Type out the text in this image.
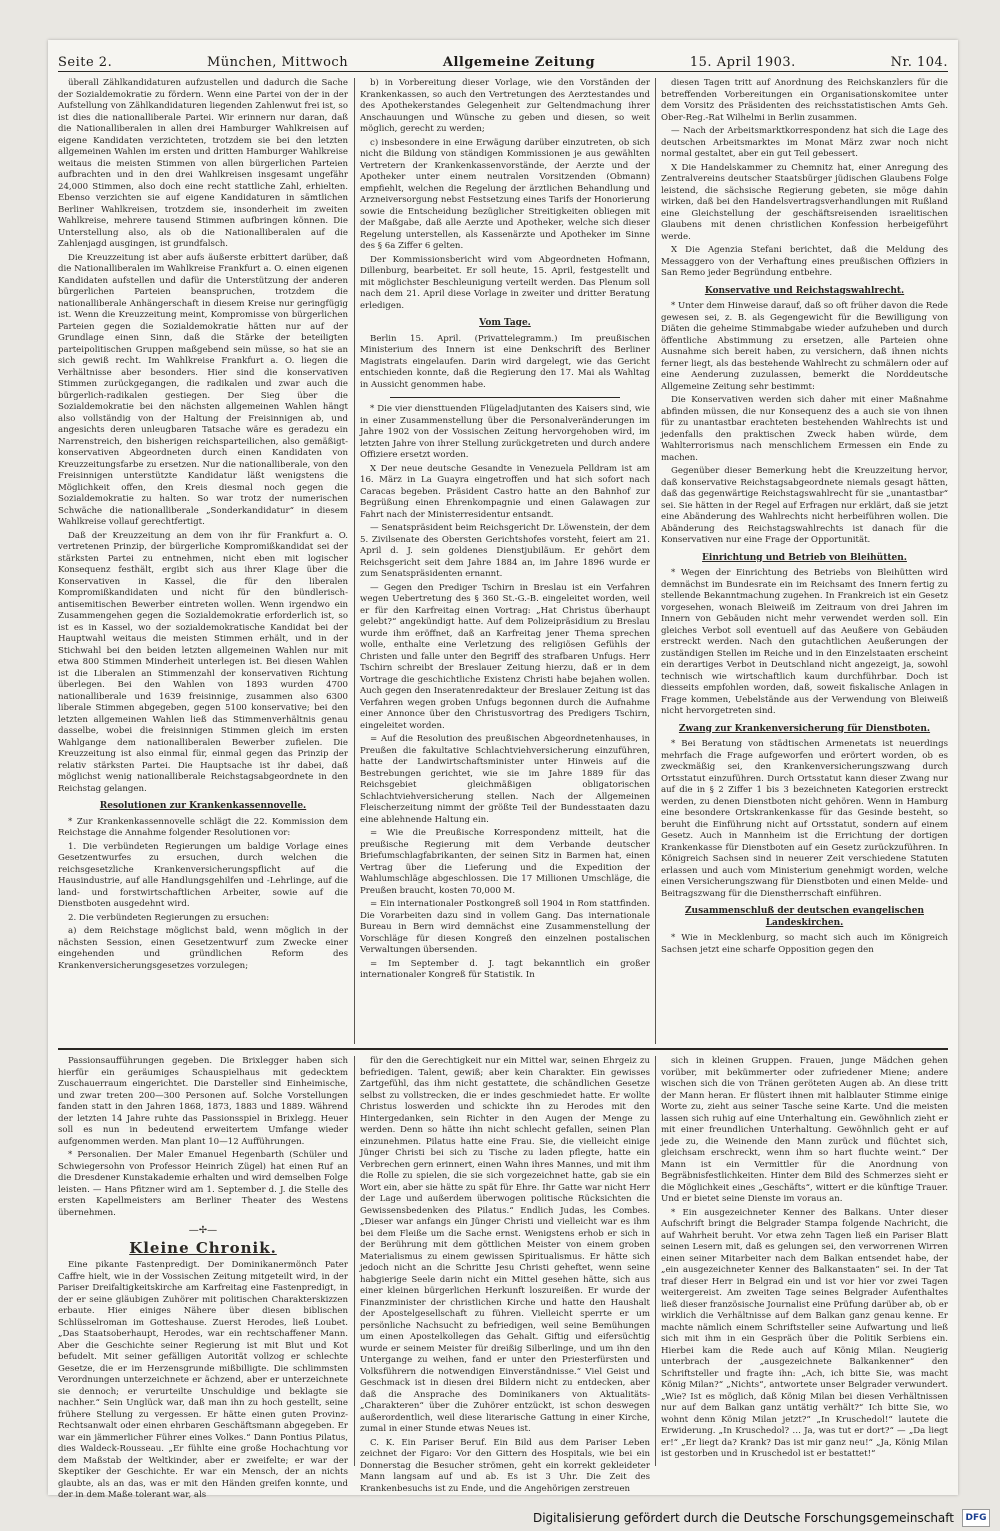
Seite 2.	München, Mittwoch	Allgemeine Zeitung	15. April 1903.	Nr. 104.

überall Zählkandidaturen aufzustellen und dadurch die Sache der Sozialdemokratie zu fördern. Wenn eine Partei von der in der Aufstellung von Zählkandidaturen liegenden Zahlenwut frei ist, so ist dies die nationalliberale Partei. Wir erinnern nur daran, daß die Nationalliberalen in allen drei Hamburger Wahlkreisen auf eigene Kandidaten verzichteten, trotzdem sie bei den letzten allgemeinen Wahlen im ersten und dritten Hamburger Wahlkreise weitaus die meisten Stimmen von allen bürgerlichen Parteien aufbrachten und in den drei Wahlkreisen insgesamt ungefähr 24,000 Stimmen, also doch eine recht stattliche Zahl, erhielten. Ebenso verzichten sie auf eigene Kandidaturen in sämtlichen Berliner Wahlkreisen, trotzdem sie, insonderheit im zweiten Wahlkreise, mehrere tausend Stimmen aufbringen können. Die Unterstellung also, als ob die Nationalliberalen auf die Zahlenjagd ausgingen, ist grundfalsch.

Die Kreuzzeitung ist aber aufs äußerste erbittert darüber, daß die Nationalliberalen im Wahlkreise Frankfurt a. O. einen eigenen Kandidaten aufstellen und dafür die Unterstützung der anderen bürgerlichen Parteien beanspruchen, trotzdem die nationalliberale Anhängerschaft in diesem Kreise nur geringfügig ist. Wenn die Kreuzzeitung meint, Kompromisse von bürgerlichen Parteien gegen die Sozialdemokratie hätten nur auf der Grundlage einen Sinn, daß die Stärke der beteiligten parteipolitischen Gruppen maßgebend sein müsse, so hat sie an sich gewiß recht. Im Wahlkreise Frankfurt a. O. liegen die Verhältnisse aber besonders. Hier sind die konservativen Stimmen zurückgegangen, die radikalen und zwar auch die bürgerlich-radikalen gestiegen. Der Sieg über die Sozialdemokratie bei den nächsten allgemeinen Wahlen hängt also vollständig von der Haltung der Freisinnigen ab, und angesichts deren unleugbaren Tatsache wäre es geradezu ein Narrenstreich, den bisherigen reichsparteilichen, also gemäßigt-konservativen Abgeordneten durch einen Kandidaten von Kreuzzeitungsfarbe zu ersetzen. Nur die nationalliberale, von den Freisinnigen unterstützte Kandidatur läßt wenigstens die Möglichkeit offen, den Kreis diesmal noch gegen die Sozialdemokratie zu halten. So war trotz der numerischen Schwäche die nationalliberale „Sonderkandidatur“ in diesem Wahlkreise vollauf gerechtfertigt.

Daß der Kreuzzeitung an dem von ihr für Frankfurt a. O. vertretenen Prinzip, der bürgerliche Kompromißkandidat sei der stärksten Partei zu entnehmen, nicht eben mit logischer Konsequenz festhält, ergibt sich aus ihrer Klage über die Konservativen in Kassel, die für den liberalen Kompromißkandidaten und nicht für den bündlerisch-antisemitischen Bewerber eintreten wollen. Wenn irgendwo ein Zusammengehen gegen die Sozialdemokratie erforderlich ist, so ist es in Kassel, wo der sozialdemokratische Kandidat bei der Hauptwahl weitaus die meisten Stimmen erhält, und in der Stichwahl bei den beiden letzten allgemeinen Wahlen nur mit etwa 800 Stimmen Minderheit unterlegen ist. Bei diesen Wahlen ist die Liberalen an Stimmenzahl der konservativen Richtung überlegen. Bei den Wahlen von 1893 wurden 4700 nationalliberale und 1639 freisinnige, zusammen also 6300 liberale Stimmen abgegeben, gegen 5100 konservative; bei den letzten allgemeinen Wahlen ließ das Stimmenverhältnis genau dasselbe, wobei die freisinnigen Stimmen gleich im ersten Wahlgange dem nationalliberalen Bewerber zufielen. Die Kreuzzeitung ist also einmal für, einmal gegen das Prinzip der relativ stärksten Partei. Die Hauptsache ist ihr dabei, daß möglichst wenig nationalliberale Reichstagsabgeordnete in den Reichstag gelangen.

Resolutionen zur Krankenkassennovelle.

* Zur Krankenkassennovelle schlägt die 22. Kommission dem Reichstage die Annahme folgender Resolutionen vor:

1. Die verbündeten Regierungen um baldige Vorlage eines Gesetzentwurfes zu ersuchen, durch welchen die reichsgesetzliche Krankenversicherungspflicht auf die Hausindustrie, auf alle Handlungsgehilfen und -Lehrlinge, auf die land- und forstwirtschaftlichen Arbeiter, sowie auf die Dienstboten ausgedehnt wird.

2. Die verbündeten Regierungen zu ersuchen:

a) dem Reichstage möglichst bald, wenn möglich in der nächsten Session, einen Gesetzentwurf zum Zwecke einer eingehenden und gründlichen Reform des Krankenversicherungsgesetzes vorzulegen;

b) in Vorbereitung dieser Vorlage, wie den Vorständen der Krankenkassen, so auch den Vertretungen des Aerztestandes und des Apothekerstandes Gelegenheit zur Geltendmachung ihrer Anschauungen und Wünsche zu geben und diesen, so weit möglich, gerecht zu werden;

c) insbesondere in eine Erwägung darüber einzutreten, ob sich nicht die Bildung von ständigen Kommissionen je aus gewählten Vertretern der Krankenkassenvorstände, der Aerzte und der Apotheker unter einem neutralen Vorsitzenden (Obmann) empfiehlt, welchen die Regelung der ärztlichen Behandlung und Arzneiversorgung nebst Festsetzung eines Tarifs der Honorierung sowie die Entscheidung bezüglicher Streitigkeiten obliegen mit der Maßgabe, daß alle Aerzte und Apotheker, welche sich dieser Regelung unterstellen, als Kassenärzte und Apotheker im Sinne des § 6a Ziffer 6 gelten.

Der Kommissionsbericht wird vom Abgeordneten Hofmann, Dillenburg, bearbeitet. Er soll heute, 15. April, festgestellt und mit möglichster Beschleunigung verteilt werden. Das Plenum soll nach dem 21. April diese Vorlage in zweiter und dritter Beratung erledigen.

Vom Tage.

Berlin 15. April. (Privattelegramm.) Im preußischen Ministerium des Innern ist eine Denkschrift des Berliner Magistrats eingelaufen. Darin wird dargelegt, wie das Gericht entschieden konnte, daß die Regierung den 17. Mai als Wahltag in Aussicht genommen habe.

* Die vier diensttuenden Flügeladjutanten des Kaisers sind, wie in einer Zusammenstellung über die Personalveränderungen im Jahre 1902 von der Vossischen Zeitung hervorgehoben wird, im letzten Jahre von ihrer Stellung zurückgetreten und durch andere Offiziere ersetzt worden.

X Der neue deutsche Gesandte in Venezuela Pelldram ist am 16. März in La Guayra eingetroffen und hat sich sofort nach Caracas begeben. Präsident Castro hatte an den Bahnhof zur Begrüßung einen Ehrenkompagnie und einen Galawagen zur Fahrt nach der Ministerresidentur entsandt.

— Senatspräsident beim Reichsgericht Dr. Löwenstein, der dem 5. Zivilsenate des Obersten Gerichtshofes vorsteht, feiert am 21. April d. J. sein goldenes Dienstjubiläum. Er gehört dem Reichsgericht seit dem Jahre 1884 an, im Jahre 1896 wurde er zum Senatspräsidenten ernannt.

— Gegen den Prediger Tschirn in Breslau ist ein Verfahren wegen Uebertretung des § 360 St.-G.-B. eingeleitet worden, weil er für den Karfreitag einen Vortrag: „Hat Christus überhaupt gelebt?“ angekündigt hatte. Auf dem Polizeipräsidium zu Breslau wurde ihm eröffnet, daß an Karfreitag jener Thema sprechen wolle, enthalte eine Verletzung des religiösen Gefühls der Christen und falle unter den Begriff des strafbaren Unfugs. Herr Tschirn schreibt der Breslauer Zeitung hierzu, daß er in dem Vortrage die geschichtliche Existenz Christi habe bejahen wollen. Auch gegen den Inseratenredakteur der Breslauer Zeitung ist das Verfahren wegen groben Unfugs begonnen durch die Aufnahme einer Annonce über den Christusvortrag des Predigers Tschirn, eingeleitet worden.

= Auf die Resolution des preußischen Abgeordnetenhauses, in Preußen die fakultative Schlachtviehversicherung einzuführen, hatte der Landwirtschaftsminister unter Hinweis auf die Bestrebungen gerichtet, wie sie im Jahre 1889 für das Reichsgebiet gleichmäßigen obligatorischen Schlachtviehversicherung stellen. Nach der Allgemeinen Fleischerzeitung nimmt der größte Teil der Bundesstaaten dazu eine ablehnende Haltung ein.

= Wie die Preußische Korrespondenz mitteilt, hat die preußische Regierung mit dem Verbande deutscher Briefumschlagfabrikanten, der seinen Sitz in Barmen hat, einen Vertrag über die Lieferung und die Expedition der Wahlumschläge abgeschlossen. Die 17 Millionen Umschläge, die Preußen braucht, kosten 70,000 M.

= Ein internationaler Postkongreß soll 1904 in Rom stattfinden. Die Vorarbeiten dazu sind in vollem Gang. Das internationale Bureau in Bern wird demnächst eine Zusammenstellung der Vorschläge für diesen Kongreß den einzelnen postalischen Verwaltungen übersenden.

= Im September d. J. tagt bekanntlich ein großer internationaler Kongreß für Statistik. In

diesen Tagen tritt auf Anordnung des Reichskanzlers für die betreffenden Vorbereitungen ein Organisationskomitee unter dem Vorsitz des Präsidenten des reichsstatistischen Amts Geh. Ober-Reg.-Rat Wilhelmi in Berlin zusammen.

— Nach der Arbeitsmarktkorrespondenz hat sich die Lage des deutschen Arbeitsmarktes im Monat März zwar noch nicht normal gestaltet, aber ein gut Teil gebessert.

X Die Handelskammer zu Chemnitz hat, einer Anregung des Zentralvereins deutscher Staatsbürger jüdischen Glaubens Folge leistend, die sächsische Regierung gebeten, sie möge dahin wirken, daß bei den Handelsvertragsverhandlungen mit Rußland eine Gleichstellung der geschäftsreisenden israelitischen Glaubens mit denen christlichen Konfession herbeigeführt werde.

X Die Agenzia Stefani berichtet, daß die Meldung des Messaggero von der Verhaftung eines preußischen Offiziers in San Remo jeder Begründung entbehre.

Konservative und Reichstagswahlrecht.

* Unter dem Hinweise darauf, daß so oft früher davon die Rede gewesen sei, z. B. als Gegengewicht für die Bewilligung von Diäten die geheime Stimmabgabe wieder aufzuheben und durch öffentliche Abstimmung zu ersetzen, alle Parteien ohne Ausnahme sich bereit haben, zu versichern, daß ihnen nichts ferner liegt, als das bestehende Wahlrecht zu schmälern oder auf eine Aenderung zuzulassen, bemerkt die Norddeutsche Allgemeine Zeitung sehr bestimmt:

Die Konservativen werden sich daher mit einer Maßnahme abfinden müssen, die nur Konsequenz des a auch sie von ihnen für zu unantastbar erachteten bestehenden Wahlrechts ist und jedenfalls den praktischen Zweck haben würde, dem Wahlterrorismus nach menschlichem Ermessen ein Ende zu machen.

Gegenüber dieser Bemerkung hebt die Kreuzzeitung hervor, daß konservative Reichstagsabgeordnete niemals gesagt hätten, daß das gegenwärtige Reichstagswahlrecht für sie „unantastbar“ sei. Sie hätten in der Regel auf Erfragen nur erklärt, daß sie jetzt eine Abänderung des Wahlrechts nicht herbeiführen wollen. Die Abänderung des Reichstagswahlrechts ist danach für die Konservativen nur eine Frage der Opportunität.

Einrichtung und Betrieb von Bleihütten.

* Wegen der Einrichtung des Betriebs von Bleihütten wird demnächst im Bundesrate ein im Reichsamt des Innern fertig zu stellende Bekanntmachung zugehen. In Frankreich ist ein Gesetz vorgesehen, wonach Bleiweiß im Zeitraum von drei Jahren im Innern von Gebäuden nicht mehr verwendet werden soll. Ein gleiches Verbot soll eventuell auf das Aeußere von Gebäuden erstreckt werden. Nach den gutachtlichen Aeußerungen der zuständigen Stellen im Reiche und in den Einzelstaaten erscheint ein derartiges Verbot in Deutschland nicht angezeigt, ja, sowohl technisch wie wirtschaftlich kaum durchführbar. Doch ist diesseits empfohlen worden, daß, soweit fiskalische Anlagen in Frage kommen, Uebelstände aus der Verwendung von Bleiweiß nicht hervorgetreten sind.

Zwang zur Krankenversicherung für Dienstboten.

* Bei Beratung von städtischen Armenetats ist neuerdings mehrfach die Frage aufgeworfen und erörtert worden, ob es zweckmäßig sei, den Krankenversicherungszwang durch Ortsstatut einzuführen. Durch Ortsstatut kann dieser Zwang nur auf die in § 2 Ziffer 1 bis 3 bezeichneten Kategorien erstreckt werden, zu denen Dienstboten nicht gehören. Wenn in Hamburg eine besondere Ortskrankenkasse für das Gesinde besteht, so beruht die Einführung nicht auf Ortsstatut, sondern auf einem Gesetz. Auch in Mannheim ist die Errichtung der dortigen Krankenkasse für Dienstboten auf ein Gesetz zurückzuführen. In Königreich Sachsen sind in neuerer Zeit verschiedene Statuten erlassen und auch vom Ministerium genehmigt worden, welche einen Versicherungszwang für Dienstboten und einen Melde- und Beitragszwang für die Dienstherrschaft einführen.

Zusammenschluß der deutschen evangelischen Landeskirchen.

* Wie in Mecklenburg, so macht sich auch im Königreich Sachsen jetzt eine scharfe Opposition gegen den

Passionsaufführungen gegeben. Die Brixlegger haben sich hierfür ein geräumiges Schauspielhaus mit gedecktem Zuschauerraum eingerichtet. Die Darsteller sind Einheimische, und zwar treten 200—300 Personen auf. Solche Vorstellungen fanden statt in den Jahren 1868, 1873, 1883 und 1889. Während der letzten 14 Jahre ruhte das Passionsspiel in Brixlegg. Heuer soll es nun in bedeutend erweitertem Umfange wieder aufgenommen werden. Man plant 10—12 Aufführungen.

* Personalien. Der Maler Emanuel Hegenbarth (Schüler und Schwiegersohn von Professor Heinrich Zügel) hat einen Ruf an die Dresdener Kunstakademie erhalten und wird demselben Folge leisten. — Hans Pfitzner wird am 1. September d. J. die Stelle des ersten Kapellmeisters am Berliner Theater des Westens übernehmen.

—✢—
Kleine Chronik.

Eine pikante Fastenpredigt. Der Dominikanermönch Pater Caffre hielt, wie in der Vossischen Zeitung mitgeteilt wird, in der Pariser Dreifaltigkeitskirche am Karfreitag eine Fastenpredigt, in der er seine gläubigen Zuhörer mit politischen Charakterskizzen erbaute. Hier einiges Nähere über diesen biblischen Schlüsselroman im Gotteshause. Zuerst Herodes, ließ Loubet. „Das Staatsoberhaupt, Herodes, war ein rechtschaffener Mann. Aber die Geschichte seiner Regierung ist mit Blut und Kot befudelt. Mit seiner gefälligen Autorität vollzog er schlechte Gesetze, die er im Herzensgrunde mißbilligte. Die schlimmsten Verordnungen unterzeichnete er ächzend, aber er unterzeichnete sie dennoch; er verurteilte Unschuldige und beklagte sie nachher.“ Sein Unglück war, daß man ihn zu hoch gestellt, seine frühere Stellung zu vergessen. Er hätte einen guten Provinz-Rechtsanwalt oder einen ehrbaren Geschäftsmann abgegeben. Er war ein jämmerlicher Führer eines Volkes.“ Dann Pontius Pilatus, dies Waldeck-Rousseau. „Er fühlte eine große Hochachtung vor dem Maßstab der Weltkinder, aber er zweifelte; er war der Skeptiker der Geschichte. Er war ein Mensch, der an nichts glaubte, als an das, was er mit den Händen greifen konnte, und der in dem Maße tolerant war, als

für den die Gerechtigkeit nur ein Mittel war, seinen Ehrgeiz zu befriedigen. Talent, gewiß; aber kein Charakter. Ein gewisses Zartgefühl, das ihm nicht gestattete, die schändlichen Gesetze selbst zu vollstrecken, die er indes geschmiedet hatte. Er wollte Christus loswerden und schickte ihn zu Herodes mit den Hintergedanken, sein Richter in den Augen der Menge zu werden. Denn so hätte ihn nicht schlecht gefallen, seinen Plan einzunehmen. Pilatus hatte eine Frau. Sie, die vielleicht einige Jünger Christi bei sich zu Tische zu laden pflegte, hatte ein Verbrechen gern erinnert, einen Wahn ihres Mannes, und mit ihm die Rolle zu spielen, die sie sich vorgezeichnet hatte, gab sie ein Wort ein, aber sie hätte zu spät für Ehre. Ihr Gatte war nicht Herr der Lage und außerdem überwogen politische Rücksichten die Gewissensbedenken des Pilatus.“ Endlich Judas, les Combes. „Dieser war anfangs ein Jünger Christi und vielleicht war es ihm bei dem Fleiße um die Sache ernst. Wenigstens erhob er sich in der Berührung mit dem göttlichen Meister von einem groben Materialismus zu einem gewissen Spiritualismus. Er hätte sich jedoch nicht an die Schritte Jesu Christi geheftet, wenn seine habgierige Seele darin nicht ein Mittel gesehen hätte, sich aus einer kleinen bürgerlichen Herkunft loszureißen. Er wurde der Finanzminister der christlichen Kirche und hatte den Haushalt der Apostelgesellschaft zu führen. Vielleicht sperrte er um persönliche Nachsucht zu befriedigen, weil seine Bemühungen um einen Apostelkollegen das Gehalt. Giftig und eifersüchtig wurde er seinem Meister für dreißig Silberlinge, und um ihn den Untergange zu weihen, fand er unter den Priesterfürsten und Volksführern die notwendigen Einverständnisse.“ Viel Geist und Geschmack ist in diesen drei Bildern nicht zu entdecken, aber daß die Ansprache des Dominikaners von Aktualitäts-„Charakteren“ über die Zuhörer entzückt, ist schon deswegen außerordentlich, weil diese literarische Gattung in einer Kirche, zumal in einer Stunde etwas Neues ist.

C. K. Ein Pariser Beruf. Ein Bild aus dem Pariser Leben zeichnet der Figaro: Vor den Gittern des Hospitals, wie bei ein Donnerstag die Besucher strömen, geht ein korrekt gekleideter Mann langsam auf und ab. Es ist 3 Uhr. Die Zeit des Krankenbesuchs ist zu Ende, und die Angehörigen zerstreuen

sich in kleinen Gruppen. Frauen, junge Mädchen gehen vorüber, mit bekümmerter oder zufriedener Miene; andere wischen sich die von Tränen geröteten Augen ab. An diese tritt der Mann heran. Er flüstert ihnen mit halblauter Stimme einige Worte zu, zieht aus seiner Tasche seine Karte. Und die meisten lassen sich ruhig auf eine Unterhaltung ein. Gewöhnlich zieht er mit einer freundlichen Unterhaltung. Gewöhnlich geht er auf jede zu, die Weinende den Mann zurück und flüchtet sich, gleichsam erschreckt, wenn ihm so hart fluchte weint.“ Der Mann ist ein Vermittler für die Anordnung von Begräbnisfestlichkeiten. Hinter dem Bild des Schmerzes sieht er die Möglichkeit eines „Geschäfts“, wittert er die künftige Trauer. Und er bietet seine Dienste im voraus an.

* Ein ausgezeichneter Kenner des Balkans. Unter dieser Aufschrift bringt die Belgrader Stampa folgende Nachricht, die auf Wahrheit beruht. Vor etwa zehn Tagen ließ ein Pariser Blatt seinen Lesern mit, daß es gelungen sei, den verworrenen Wirren einen seiner Mitarbeiter nach dem Balkan entsendet habe, der „ein ausgezeichneter Kenner des Balkanstaaten“ sei. In der Tat traf dieser Herr in Belgrad ein und ist vor hier vor zwei Tagen weitergereist. Am zweiten Tage seines Belgrader Aufenthaltes ließ dieser französische Journalist eine Prüfung darüber ab, ob er wirklich die Verhältnisse auf dem Balkan ganz genau kenne. Er machte nämlich einem Schriftsteller seine Aufwartung und ließ sich mit ihm in ein Gespräch über die Politik Serbiens ein. Hierbei kam die Rede auch auf König Milan. Neugierig unterbrach der „ausgezeichnete Balkankenner“ den Schriftsteller und fragte ihn: „Ach, ich bitte Sie, was macht König Milan?“ „Nichts“, antwortete unser Belgrader verwundert. „Wie? Ist es möglich, daß König Milan bei diesen Verhältnissen nur auf dem Balkan ganz untätig verhält?“ Ich bitte Sie, wo wohnt denn König Milan jetzt?“ „In Kruschedol!“ lautete die Erwiderung. „In Kruschedol? … Ja, was tut er dort?“ — „Da liegt er!“ „Er liegt da? Krank? Das ist mir ganz neu!“ „Ja, König Milan ist gestorben und in Kruschedol ist er bestattet!“

Digitalisierung gefördert durch die Deutsche Forschungsgemeinschaft	DFG
